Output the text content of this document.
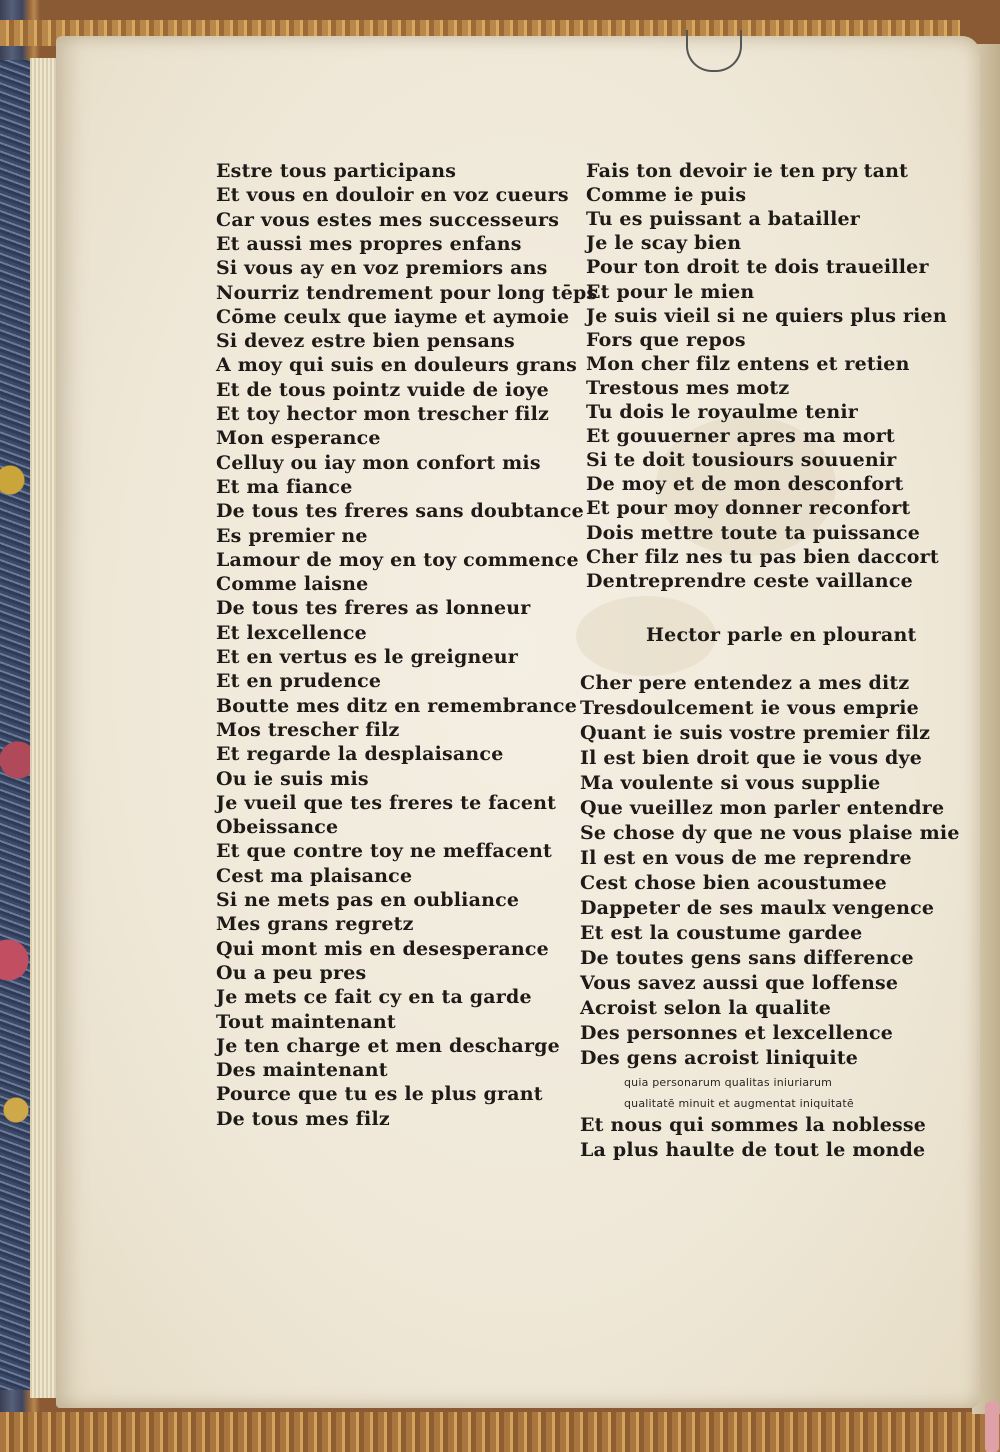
Estre tous participans
Et vous en douloir en voz cueurs
Car vous estes mes successeurs
Et aussi mes propres enfans
Si vous ay en voz premiors ans
Nourriz tendrement pour long tēps
Cōme ceulx que iayme et aymoie
Si devez estre bien pensans
A moy qui suis en douleurs grans
Et de tous pointz vuide de ioye
Et toy hector mon trescher filz
Mon esperance
Celluy ou iay mon confort mis
Et ma fiance
De tous tes freres sans doubtance
Es premier ne
Lamour de moy en toy commence
Comme laisne
De tous tes freres as lonneur
Et lexcellence
Et en vertus es le greigneur
Et en prudence
Boutte mes ditz en remembrance
Mos trescher filz
Et regarde la desplaisance
Ou ie suis mis
Je vueil que tes freres te facent
Obeissance
Et que contre toy ne meffacent
Cest ma plaisance
Si ne mets pas en oubliance
Mes grans regretz
Qui mont mis en desesperance
Ou a peu pres
Je mets ce fait cy en ta garde
Tout maintenant
Je ten charge et men descharge
Des maintenant
Pource que tu es le plus grant
De tous mes filz
Hector parle en plourant
quia personarum qualitas iniuriarum
qualitatē minuit et augmentat iniquitatē
Fais ton devoir ie ten pry tant
Comme ie puis
Tu es puissant a batailler
Je le scay bien
Pour ton droit te dois traueiller
Et pour le mien
Je suis vieil si ne quiers plus rien
Fors que repos
Mon cher filz entens et retien
Trestous mes motz
Tu dois le royaulme tenir
Et gouuerner apres ma mort
Si te doit tousiours souuenir
De moy et de mon desconfort
Et pour moy donner reconfort
Dois mettre toute ta puissance
Cher filz nes tu pas bien daccort
Dentreprendre ceste vaillance
Cher pere entendez a mes ditz
Tresdoulcement ie vous emprie
Quant ie suis vostre premier filz
Il est bien droit que ie vous dye
Ma voulente si vous supplie
Que vueillez mon parler entendre
Se chose dy que ne vous plaise mie
Il est en vous de me reprendre
Cest chose bien acoustumee
Dappeter de ses maulx vengence
Et est la coustume gardee
De toutes gens sans difference
Vous savez aussi que loffense
Acroist selon la qualite
Des personnes et lexcellence
Des gens acroist liniquite
Et nous qui sommes la noblesse
La plus haulte de tout le monde
